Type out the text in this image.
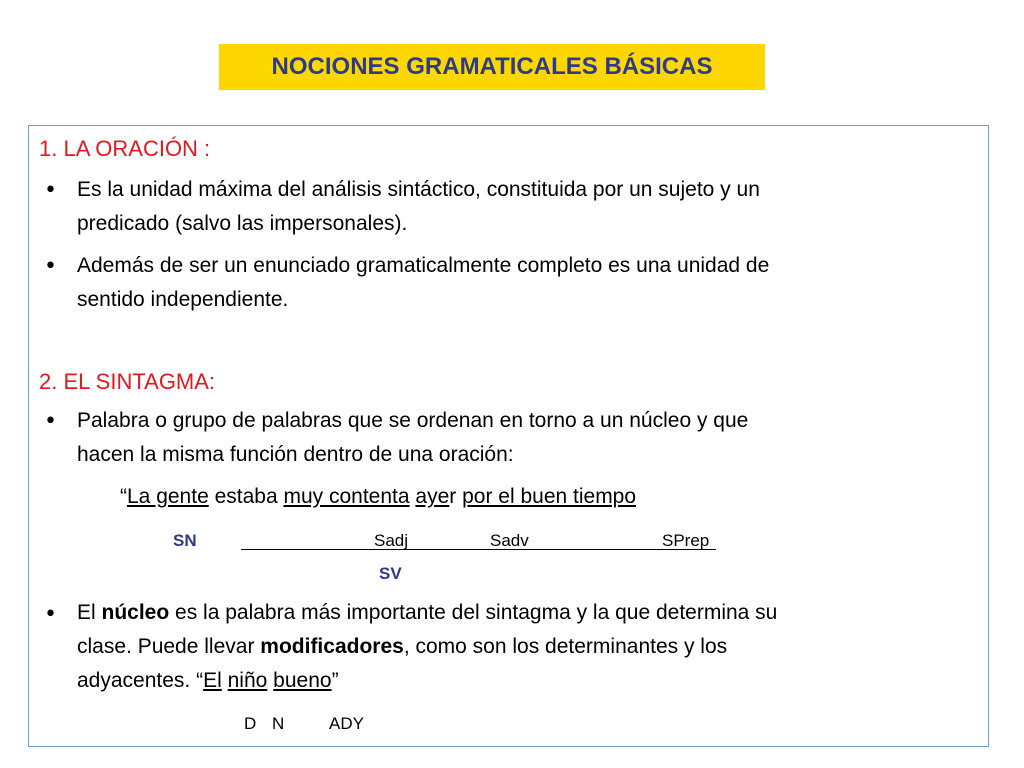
NOCIONES GRAMATICALES BÁSICAS
1. LA ORACIÓN :
• Es la unidad máxima del análisis sintáctico, constituida por un sujeto y un
predicado (salvo las impersonales).
• Además de ser un enunciado gramaticalmente completo es una unidad de
sentido independiente.
2. EL SINTAGMA:
• Palabra o grupo de palabras que se ordenan en torno a un núcleo y que
hacen la misma función dentro de una oración:
“La gente estaba muy contenta ayer por el buen tiempo
SN	Sadj	Sadv	SPrep
SV
• El núcleo es la palabra más importante del sintagma y la que determina su
clase. Puede llevar modificadores, como son los determinantes y los
adyacentes. “El niño bueno”
D N	ADY
